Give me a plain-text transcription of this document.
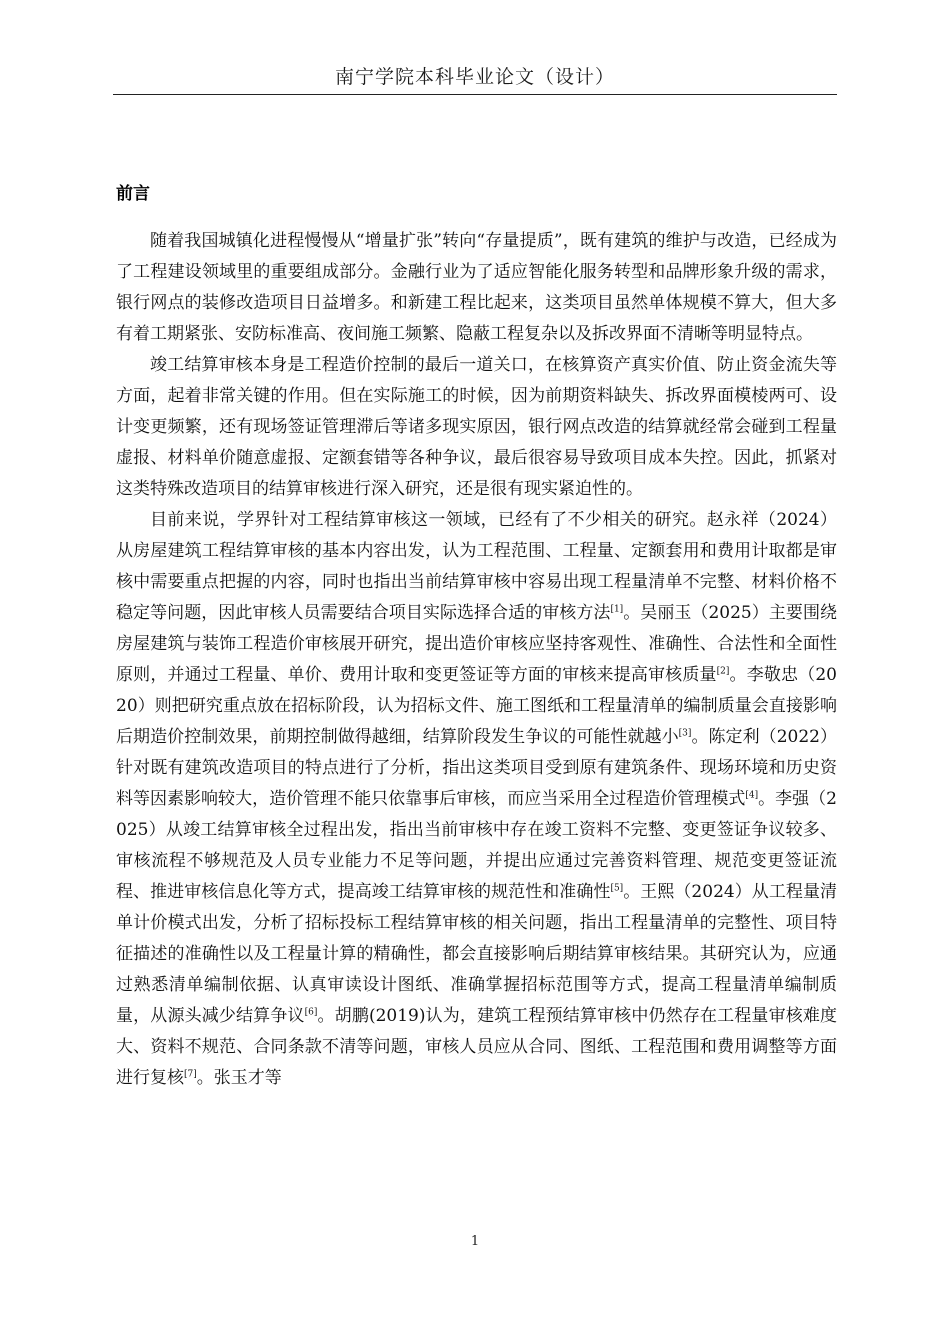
南宁学院本科毕业论文（设计）
前言

随着我国城镇化进程慢慢从“增量扩张”转向“存量提质”，既有建筑的维护与改造，已经成为了工程建设领域里的重要组成部分。金融行业为了适应智能化服务转型和品牌形象升级的需求，银行网点的装修改造项目日益增多。和新建工程比起来，这类项目虽然单体规模不算大，但大多有着工期紧张、安防标准高、夜间施工频繁、隐蔽工程复杂以及拆改界面不清晰等明显特点。

竣工结算审核本身是工程造价控制的最后一道关口，在核算资产真实价值、防止资金流失等方面，起着非常关键的作用。但在实际施工的时候，因为前期资料缺失、拆改界面模棱两可、设计变更频繁，还有现场签证管理滞后等诸多现实原因，银行网点改造的结算就经常会碰到工程量虚报、材料单价随意虚报、定额套错等各种争议，最后很容易导致项目成本失控。因此，抓紧对这类特殊改造项目的结算审核进行深入研究，还是很有现实紧迫性的。

目前来说，学界针对工程结算审核这一领域，已经有了不少相关的研究。赵永祥（2024）从房屋建筑工程结算审核的基本内容出发，认为工程范围、工程量、定额套用和费用计取都是审核中需要重点把握的内容，同时也指出当前结算审核中容易出现工程量清单不完整、材料价格不稳定等问题，因此审核人员需要结合项目实际选择合适的审核方法[1]。吴丽玉（2025）主要围绕房屋建筑与装饰工程造价审核展开研究，提出造价审核应坚持客观性、准确性、合法性和全面性原则，并通过工程量、单价、费用计取和变更签证等方面的审核来提高审核质量[2]。李敬忠（2020）则把研究重点放在招标阶段，认为招标文件、施工图纸和工程量清单的编制质量会直接影响后期造价控制效果，前期控制做得越细，结算阶段发生争议的可能性就越小[3]。陈定利（2022）针对既有建筑改造项目的特点进行了分析，指出这类项目受到原有建筑条件、现场环境和历史资料等因素影响较大，造价管理不能只依靠事后审核，而应当采用全过程造价管理模式[4]。李强（2025）从竣工结算审核全过程出发，指出当前审核中存在竣工资料不完整、变更签证争议较多、审核流程不够规范及人员专业能力不足等问题，并提出应通过完善资料管理、规范变更签证流程、推进审核信息化等方式，提高竣工结算审核的规范性和准确性[5]。王熙（2024）从工程量清单计价模式出发，分析了招标投标工程结算审核的相关问题，指出工程量清单的完整性、项目特征描述的准确性以及工程量计算的精确性，都会直接影响后期结算审核结果。其研究认为，应通过熟悉清单编制依据、认真审读设计图纸、准确掌握招标范围等方式，提高工程量清单编制质量，从源头减少结算争议[6]。胡鹏(2019)认为，建筑工程预结算审核中仍然存在工程量审核难度大、资料不规范、合同条款不清等问题，审核人员应从合同、图纸、工程范围和费用调整等方面进行复核[7]。张玉才等

1
